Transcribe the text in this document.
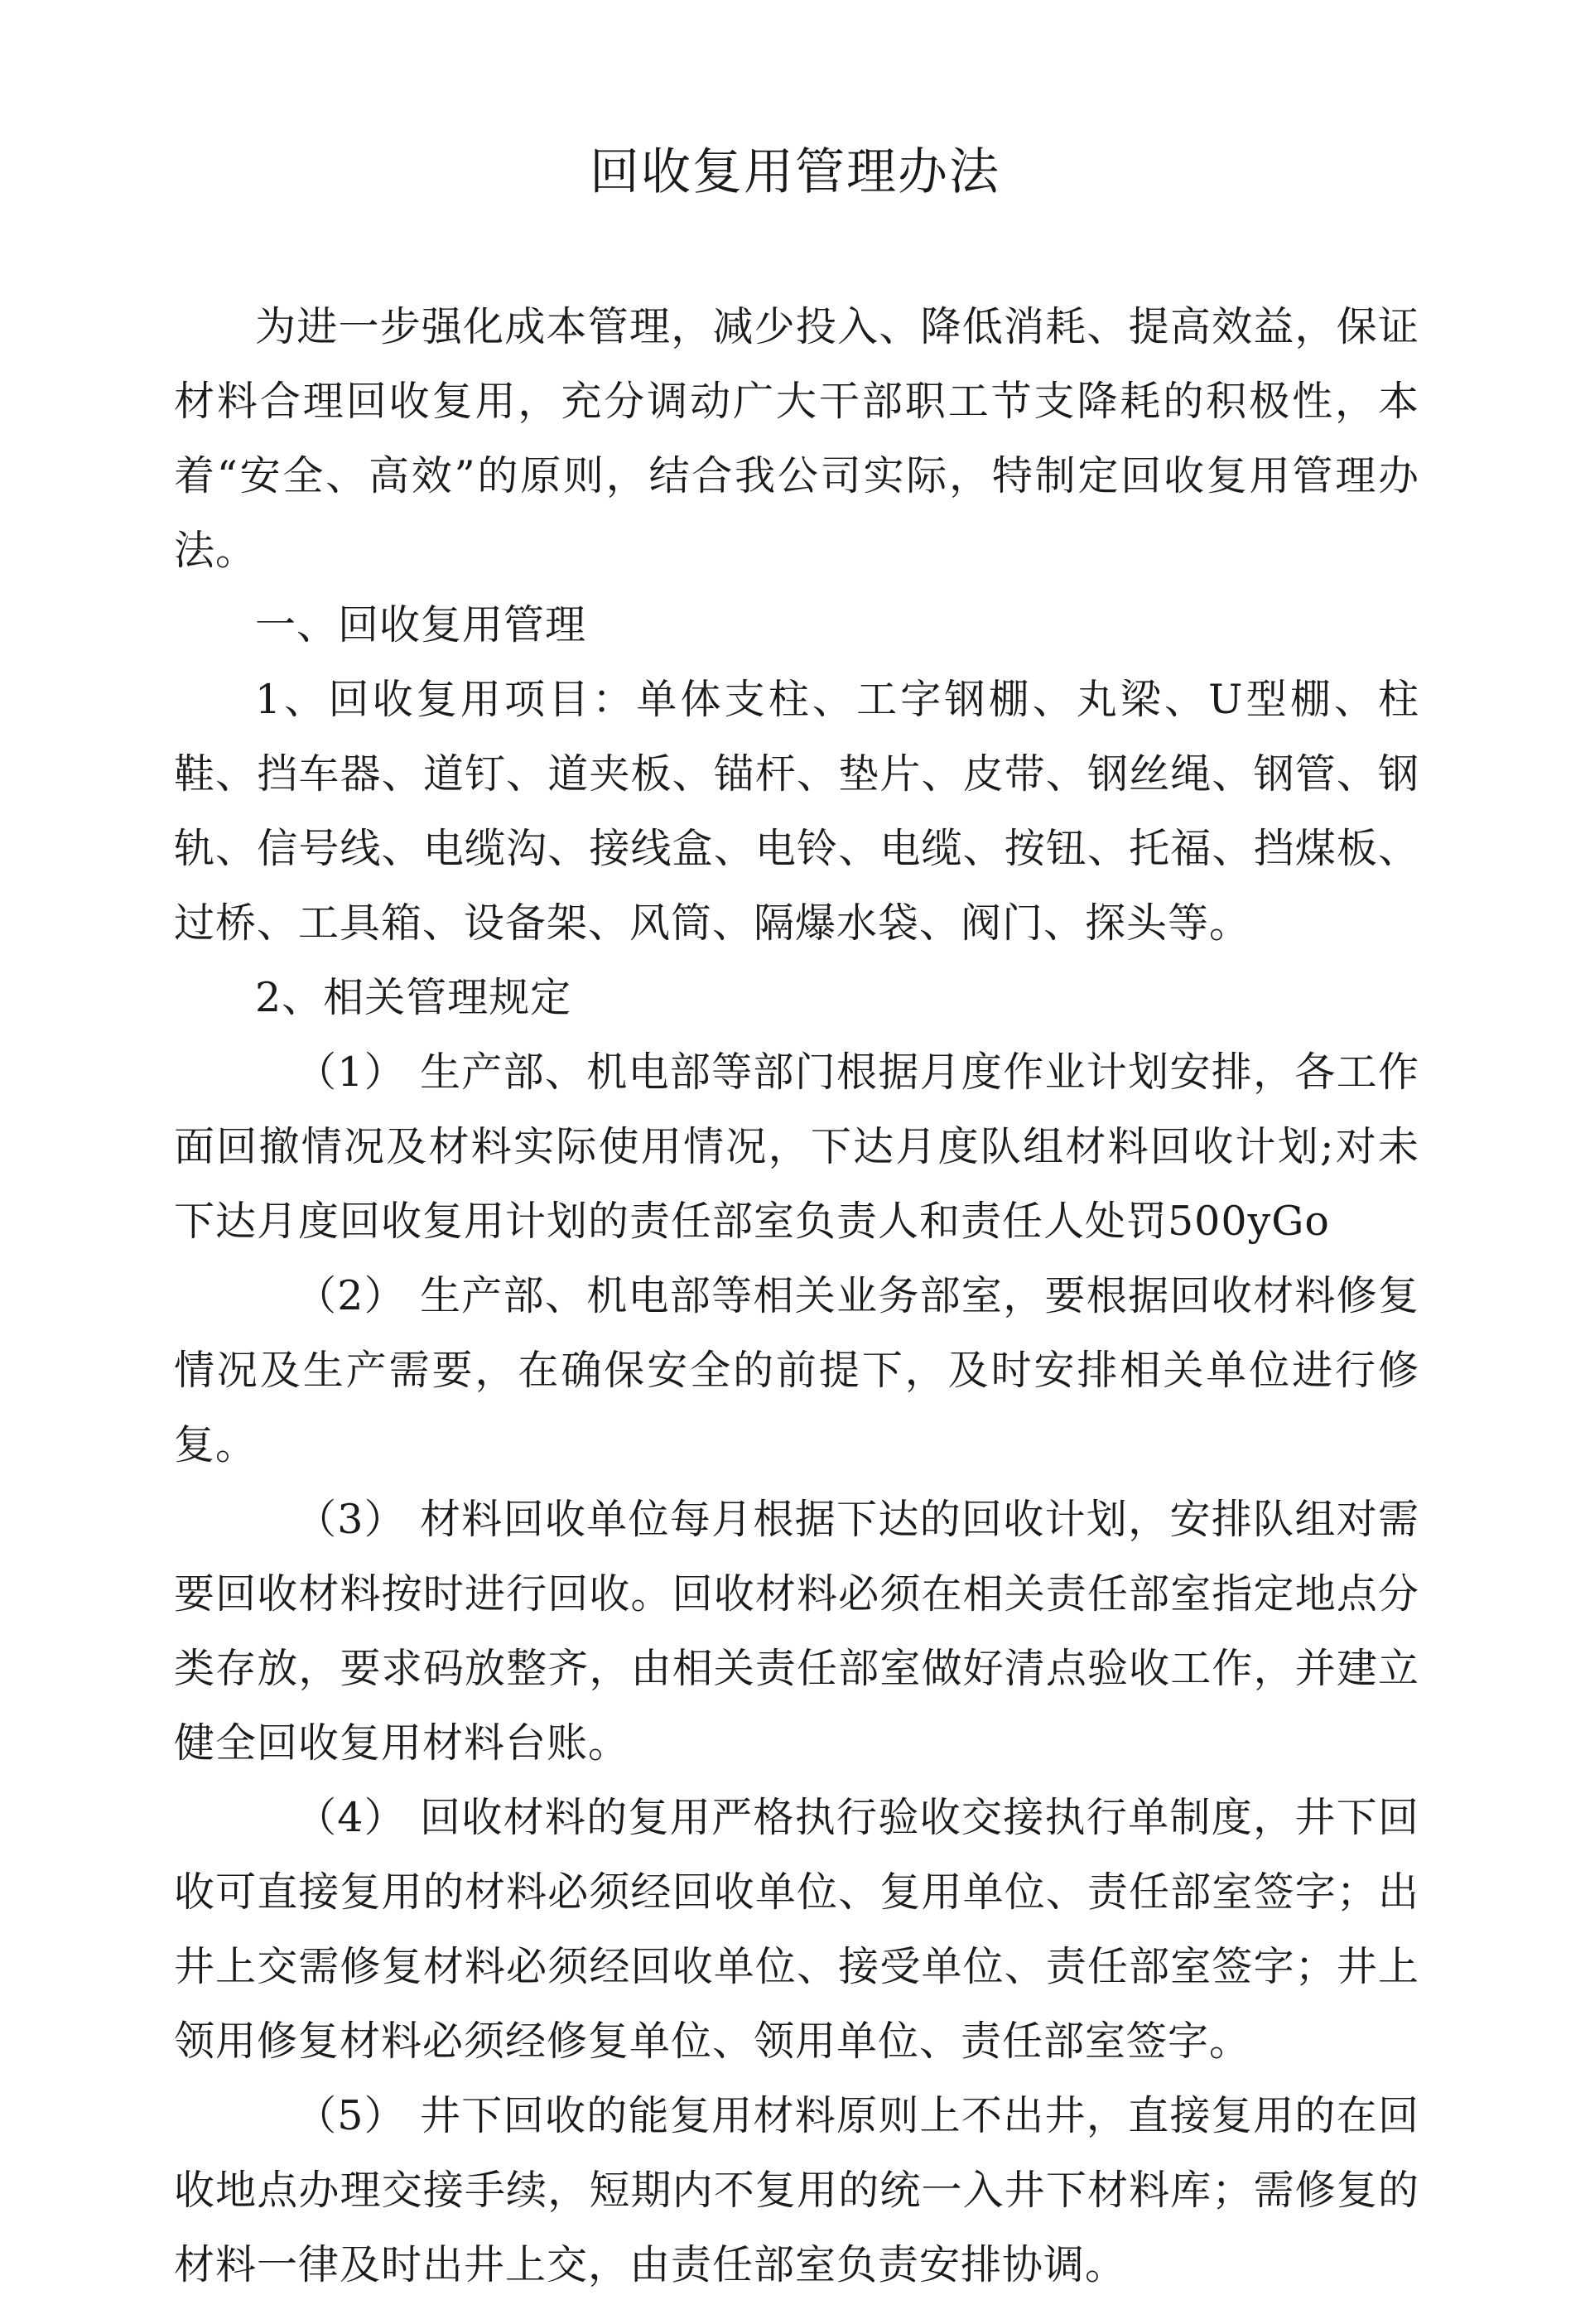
回收复用管理办法

为进一步强化成本管理，减少投入、降低消耗、提高效益，保证材料合理回收复用，充分调动广大干部职工节支降耗的积极性，本着“安全、高效”的原则，结合我公司实际，特制定回收复用管理办法。

一、回收复用管理

1、回收复用项目：单体支柱、工字钢棚、丸梁、U型棚、柱鞋、挡车器、道钉、道夹板、锚杆、垫片、皮带、钢丝绳、钢管、钢轨、信号线、电缆沟、接线盒、电铃、电缆、按钮、托福、挡煤板、过桥、工具箱、设备架、风筒、隔爆水袋、阀门、探头等。

2、相关管理规定

（1） 生产部、机电部等部门根据月度作业计划安排，各工作面回撤情况及材料实际使用情况，下达月度队组材料回收计划;对未下达月度回收复用计划的责任部室负责人和责任人处罚500yGo

（2） 生产部、机电部等相关业务部室，要根据回收材料修复情况及生产需要，在确保安全的前提下，及时安排相关单位进行修复。

（3） 材料回收单位每月根据下达的回收计划，安排队组对需要回收材料按时进行回收。回收材料必须在相关责任部室指定地点分类存放，要求码放整齐，由相关责任部室做好清点验收工作，并建立健全回收复用材料台账。

（4） 回收材料的复用严格执行验收交接执行单制度，井下回收可直接复用的材料必须经回收单位、复用单位、责任部室签字；出井上交需修复材料必须经回收单位、接受单位、责任部室签字；井上领用修复材料必须经修复单位、领用单位、责任部室签字。

（5） 井下回收的能复用材料原则上不出井，直接复用的在回收地点办理交接手续，短期内不复用的统一入井下材料库；需修复的材料一律及时出井上交，由责任部室负责安排协调。
